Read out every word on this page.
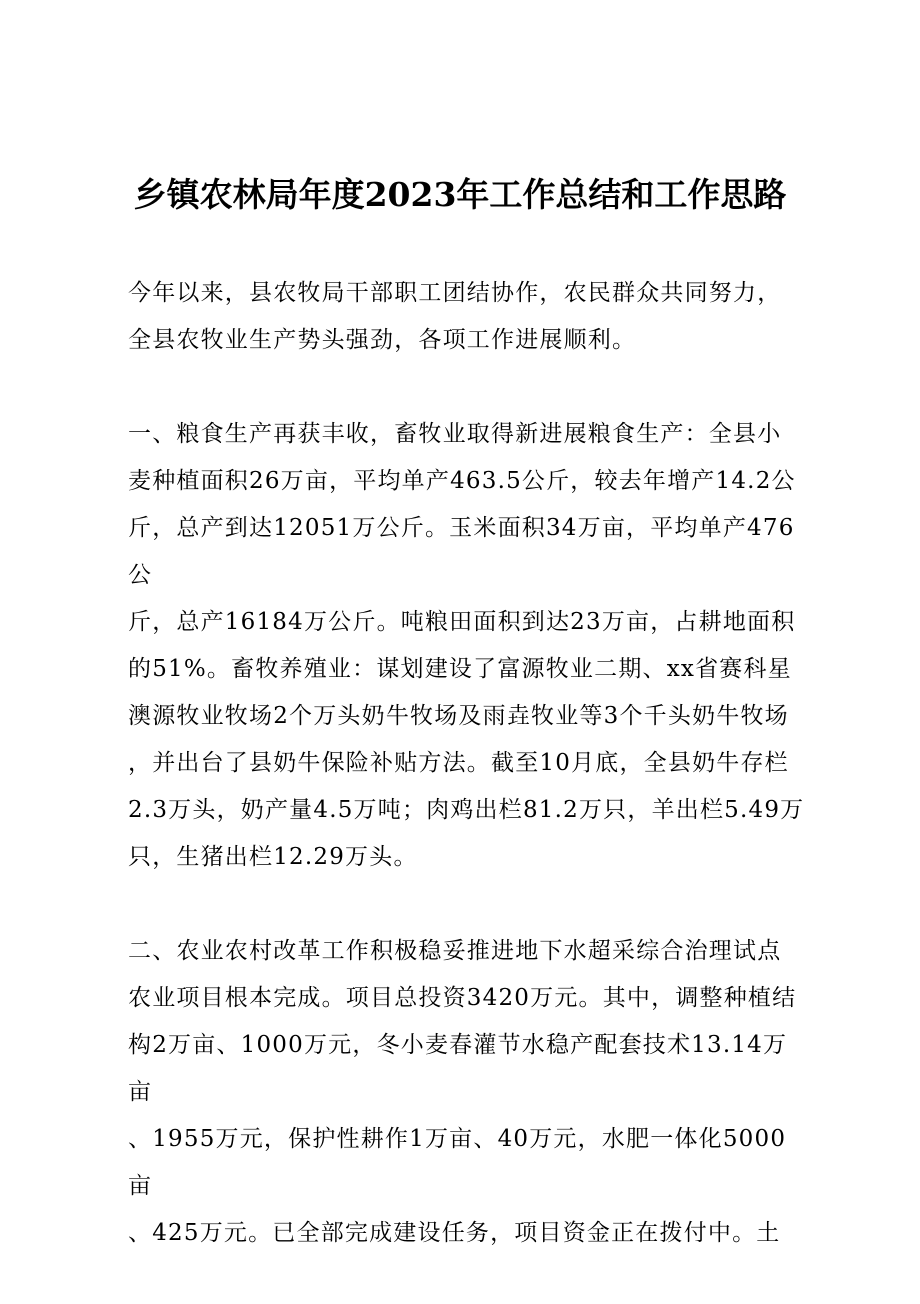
乡镇农林局年度2023年工作总结和工作思路

今年以来，县农牧局干部职工团结协作，农民群众共同努力，
全县农牧业生产势头强劲，各项工作进展顺利。

一、粮食生产再获丰收，畜牧业取得新进展粮食生产：全县小
麦种植面积26万亩，平均单产463.5公斤，较去年增产14.2公
斤，总产到达12051万公斤。玉米面积34万亩，平均单产476公
斤，总产16184万公斤。吨粮田面积到达23万亩，占耕地面积
的51%。畜牧养殖业：谋划建设了富源牧业二期、xx省赛科星
澳源牧业牧场2个万头奶牛牧场及雨垚牧业等3个千头奶牛牧场
，并出台了县奶牛保险补贴方法。截至10月底，全县奶牛存栏
2.3万头，奶产量4.5万吨；肉鸡出栏81.2万只，羊出栏5.49万
只，生猪出栏12.29万头。

二、农业农村改革工作积极稳妥推进地下水超采综合治理试点
农业项目根本完成。项目总投资3420万元。其中，调整种植结
构2万亩、1000万元，冬小麦春灌节水稳产配套技术13.14万亩
、1955万元，保护性耕作1万亩、40万元，水肥一体化5000亩
、425万元。已全部完成建设任务，项目资金正在拨付中。土
